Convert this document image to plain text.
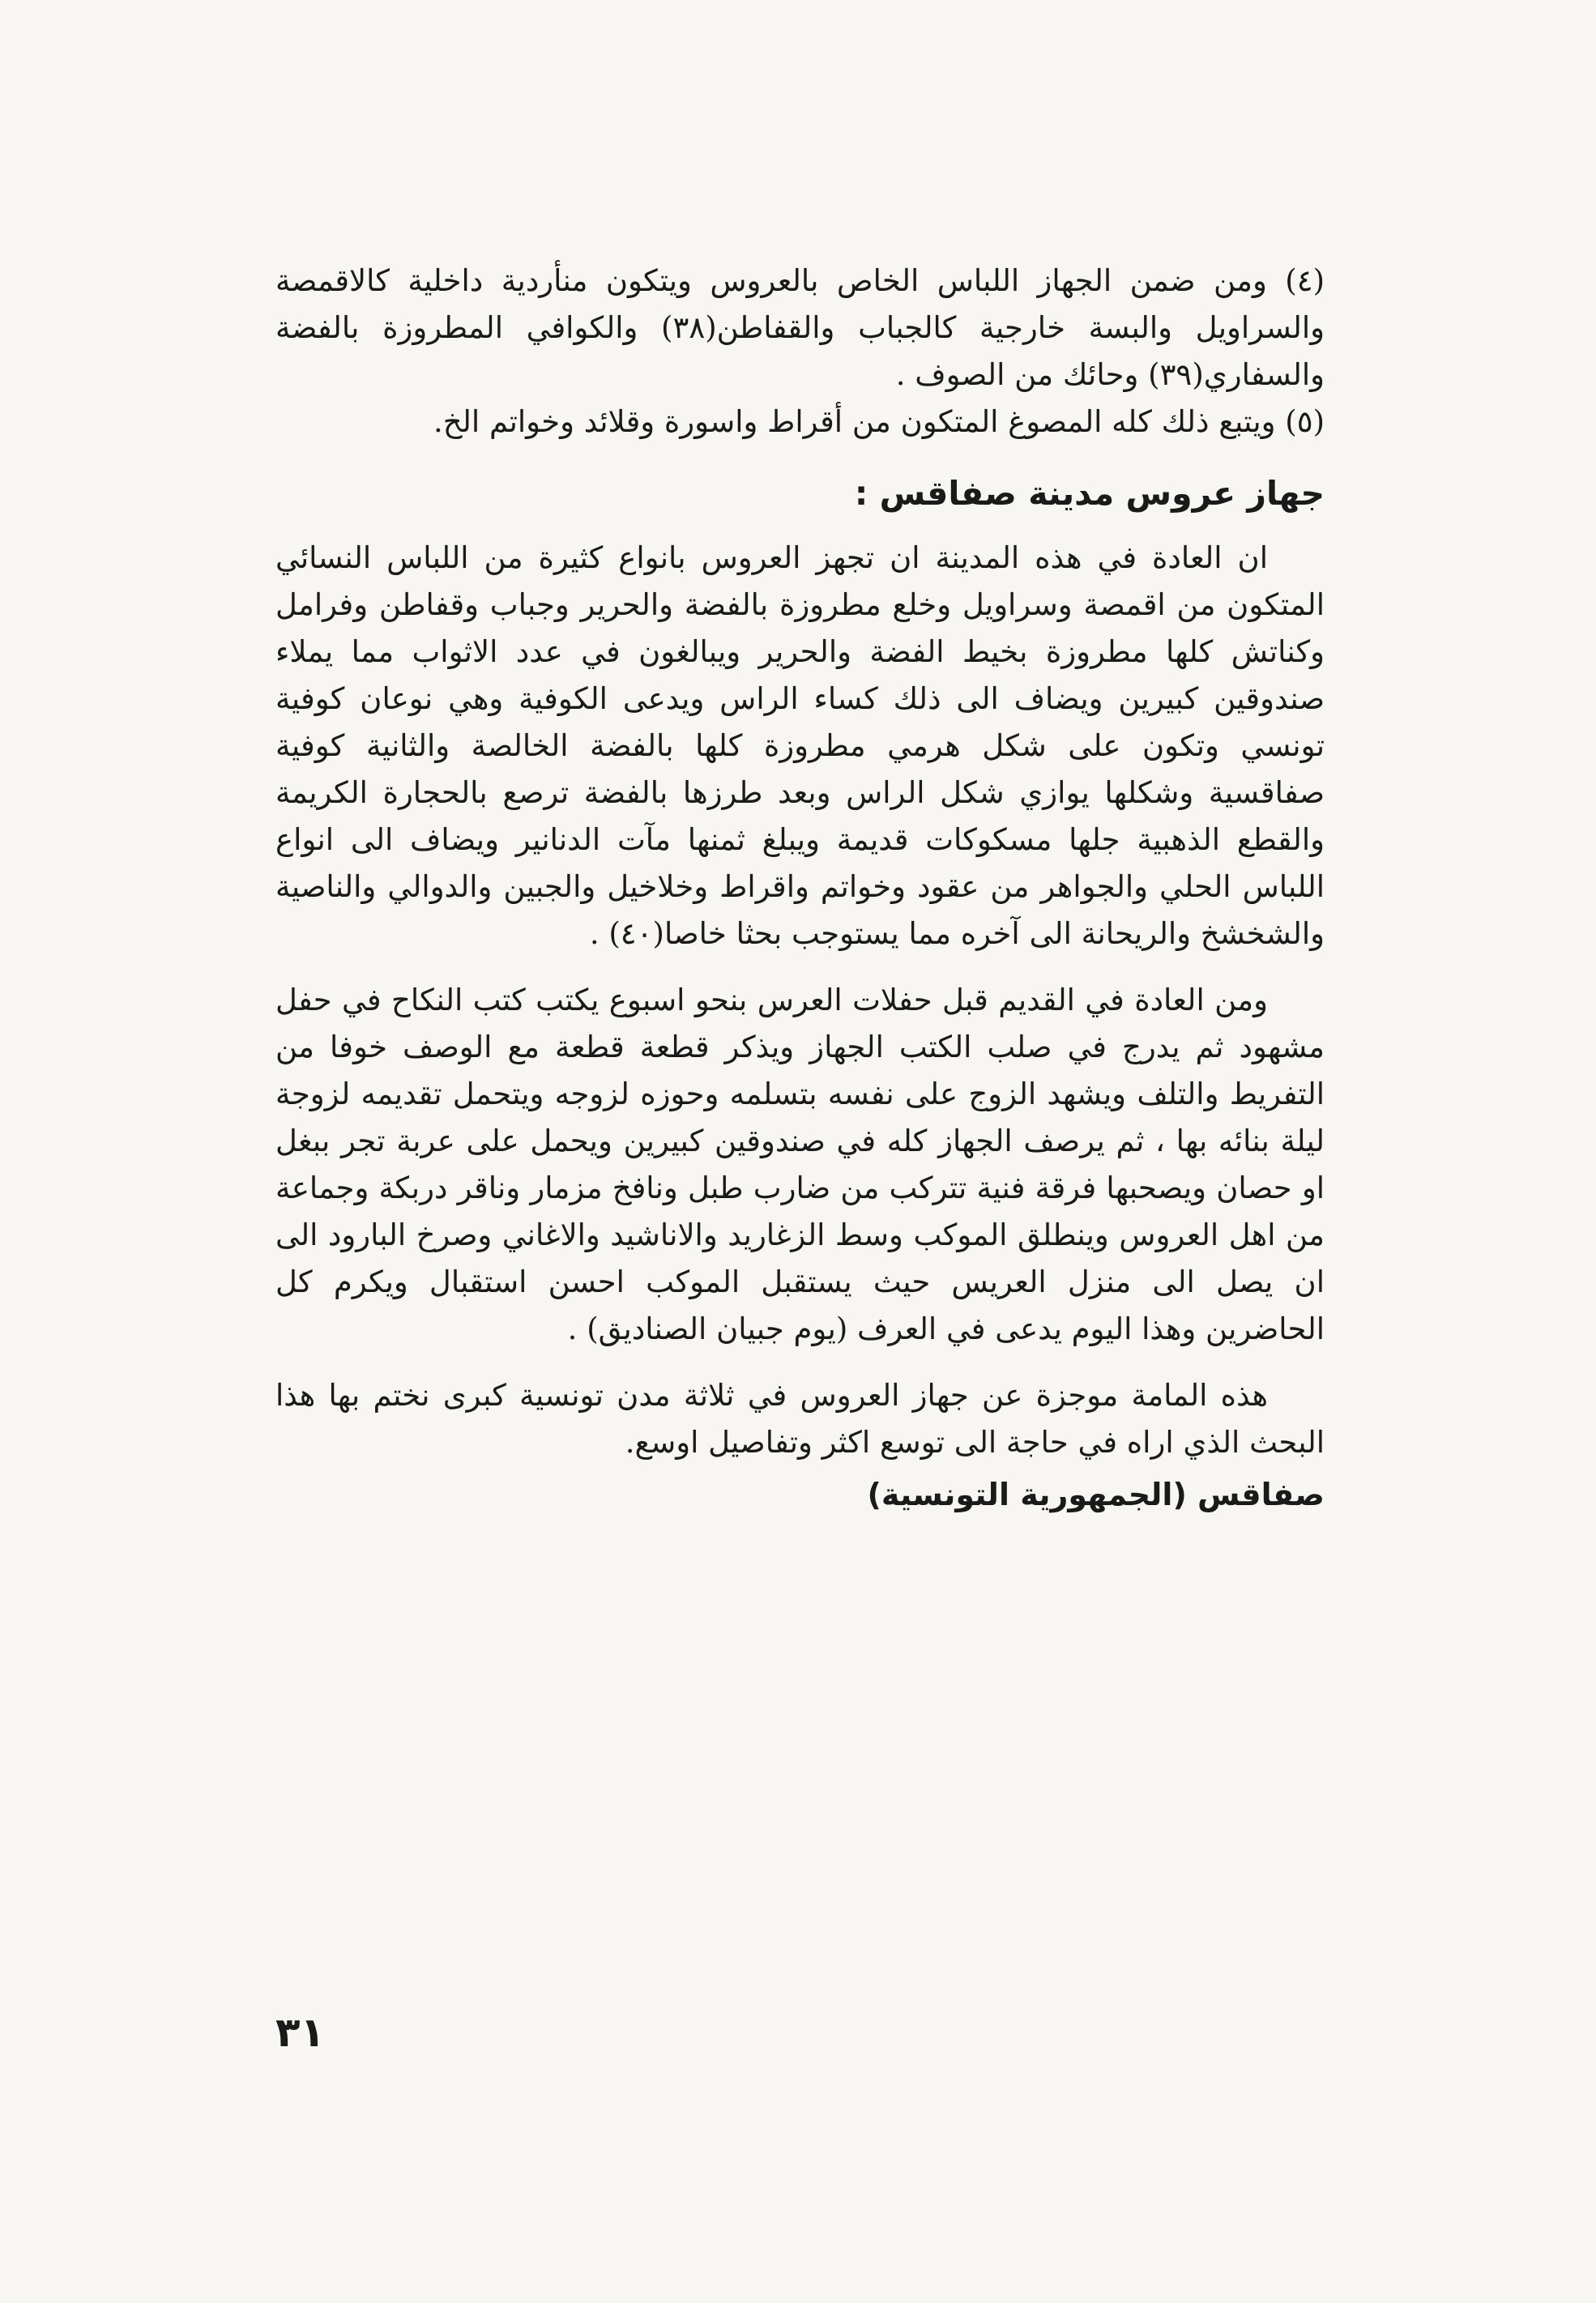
(٤) ومن ضمن الجهاز اللباس الخاص بالعروس ويتكون منأردية داخلية كالاقمصة والسراويل والبسة خارجية كالجباب والقفاطن(٣٨) والكوافي المطروزة بالفضة والسفاري(٣٩) وحائك من الصوف .

(٥) ويتبع ذلك كله المصوغ المتكون من أقراط واسورة وقلائد وخواتم الخ.

جهاز عروس مدينة صفاقس :

ان العادة في هذه المدينة ان تجهز العروس بانواع كثيرة من اللباس النسائي المتكون من اقمصة وسراويل وخلع مطروزة بالفضة والحرير وجباب وقفاطن وفرامل وكناتش كلها مطروزة بخيط الفضة والحرير ويبالغون في عدد الاثواب مما يملاء صندوقين كبيرين ويضاف الى ذلك كساء الراس ويدعى الكوفية وهي نوعان كوفية تونسي وتكون على شكل هرمي مطروزة كلها بالفضة الخالصة والثانية كوفية صفاقسية وشكلها يوازي شكل الراس وبعد طرزها بالفضة ترصع بالحجارة الكريمة والقطع الذهبية جلها مسكوكات قديمة ويبلغ ثمنها مآت الدنانير ويضاف الى انواع اللباس الحلي والجواهر من عقود وخواتم واقراط وخلاخيل والجبين والدوالي والناصية والشخشخ والريحانة الى آخره مما يستوجب بحثا خاصا(٤٠) .

ومن العادة في القديم قبل حفلات العرس بنحو اسبوع يكتب كتب النكاح في حفل مشهود ثم يدرج في صلب الكتب الجهاز ويذكر قطعة قطعة مع الوصف خوفا من التفريط والتلف ويشهد الزوج على نفسه بتسلمه وحوزه لزوجه ويتحمل تقديمه لزوجة ليلة بنائه بها ، ثم يرصف الجهاز كله في صندوقين كبيرين ويحمل على عربة تجر ببغل او حصان ويصحبها فرقة فنية تتركب من ضارب طبل ونافخ مزمار وناقر دربكة وجماعة من اهل العروس وينطلق الموكب وسط الزغاريد والاناشيد والاغاني وصرخ البارود الى ان يصل الى منزل العريس حيث يستقبل الموكب احسن استقبال ويكرم كل الحاضرين وهذا اليوم يدعى في العرف (يوم جبيان الصناديق) .

هذه المامة موجزة عن جهاز العروس في ثلاثة مدن تونسية كبرى نختم بها هذا البحث الذي اراه في حاجة الى توسع اكثر وتفاصيل اوسع.

صفاقس (الجمهورية التونسية)

٣١
